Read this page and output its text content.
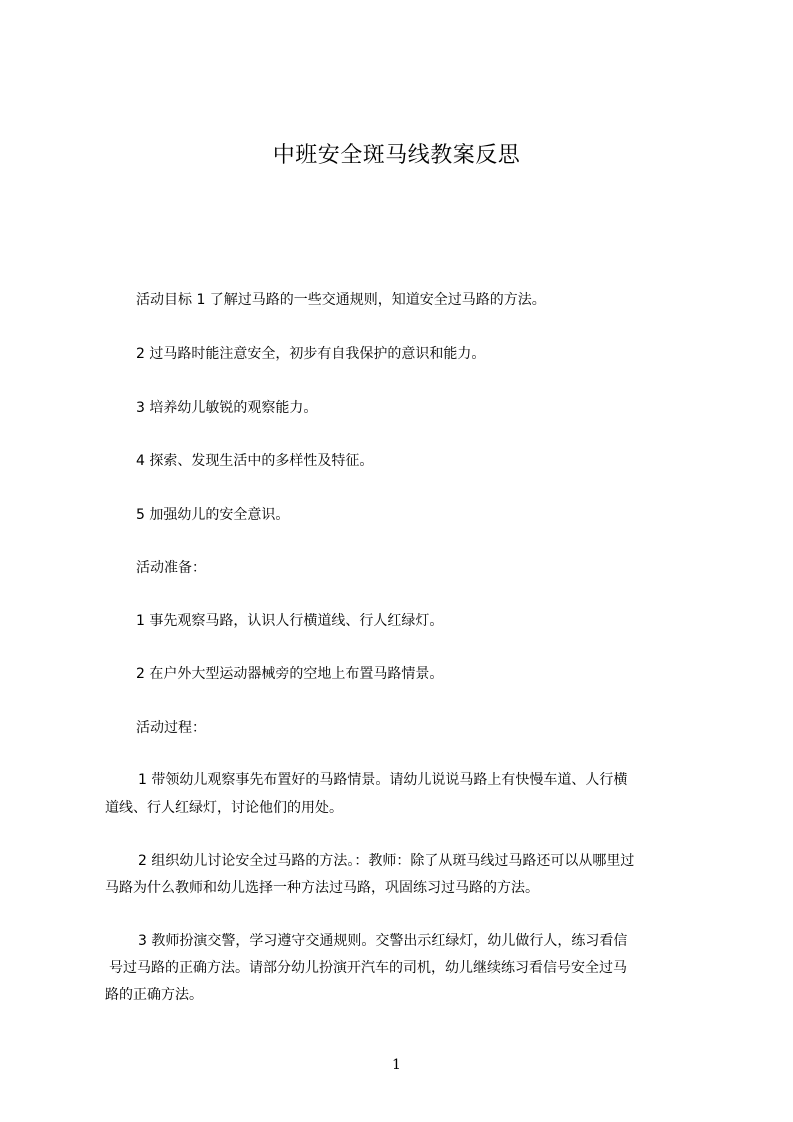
中班安全斑马线教案反思
活动目标 1 了解过马路的一些交通规则，知道安全过马路的方法。
2 过马路时能注意安全，初步有自我保护的意识和能力。
3 培养幼儿敏锐的观察能力。
4 探索、发现生活中的多样性及特征。
5 加强幼儿的安全意识。
活动准备：
1 事先观察马路，认识人行横道线、行人红绿灯。
2 在户外大型运动器械旁的空地上布置马路情景。
活动过程：
1 带领幼儿观察事先布置好的马路情景。请幼儿说说马路上有快慢车道、人行横
道线、行人红绿灯，讨论他们的用处。
2 组织幼儿讨论安全过马路的方法。：教师：除了从斑马线过马路还可以从哪里过
马路为什么教师和幼儿选择一种方法过马路，巩固练习过马路的方法。
3 教师扮演交警，学习遵守交通规则。交警出示红绿灯，幼儿做行人，练习看信
号过马路的正确方法。请部分幼儿扮演开汽车的司机，幼儿继续练习看信号安全过马
路的正确方法。
1
